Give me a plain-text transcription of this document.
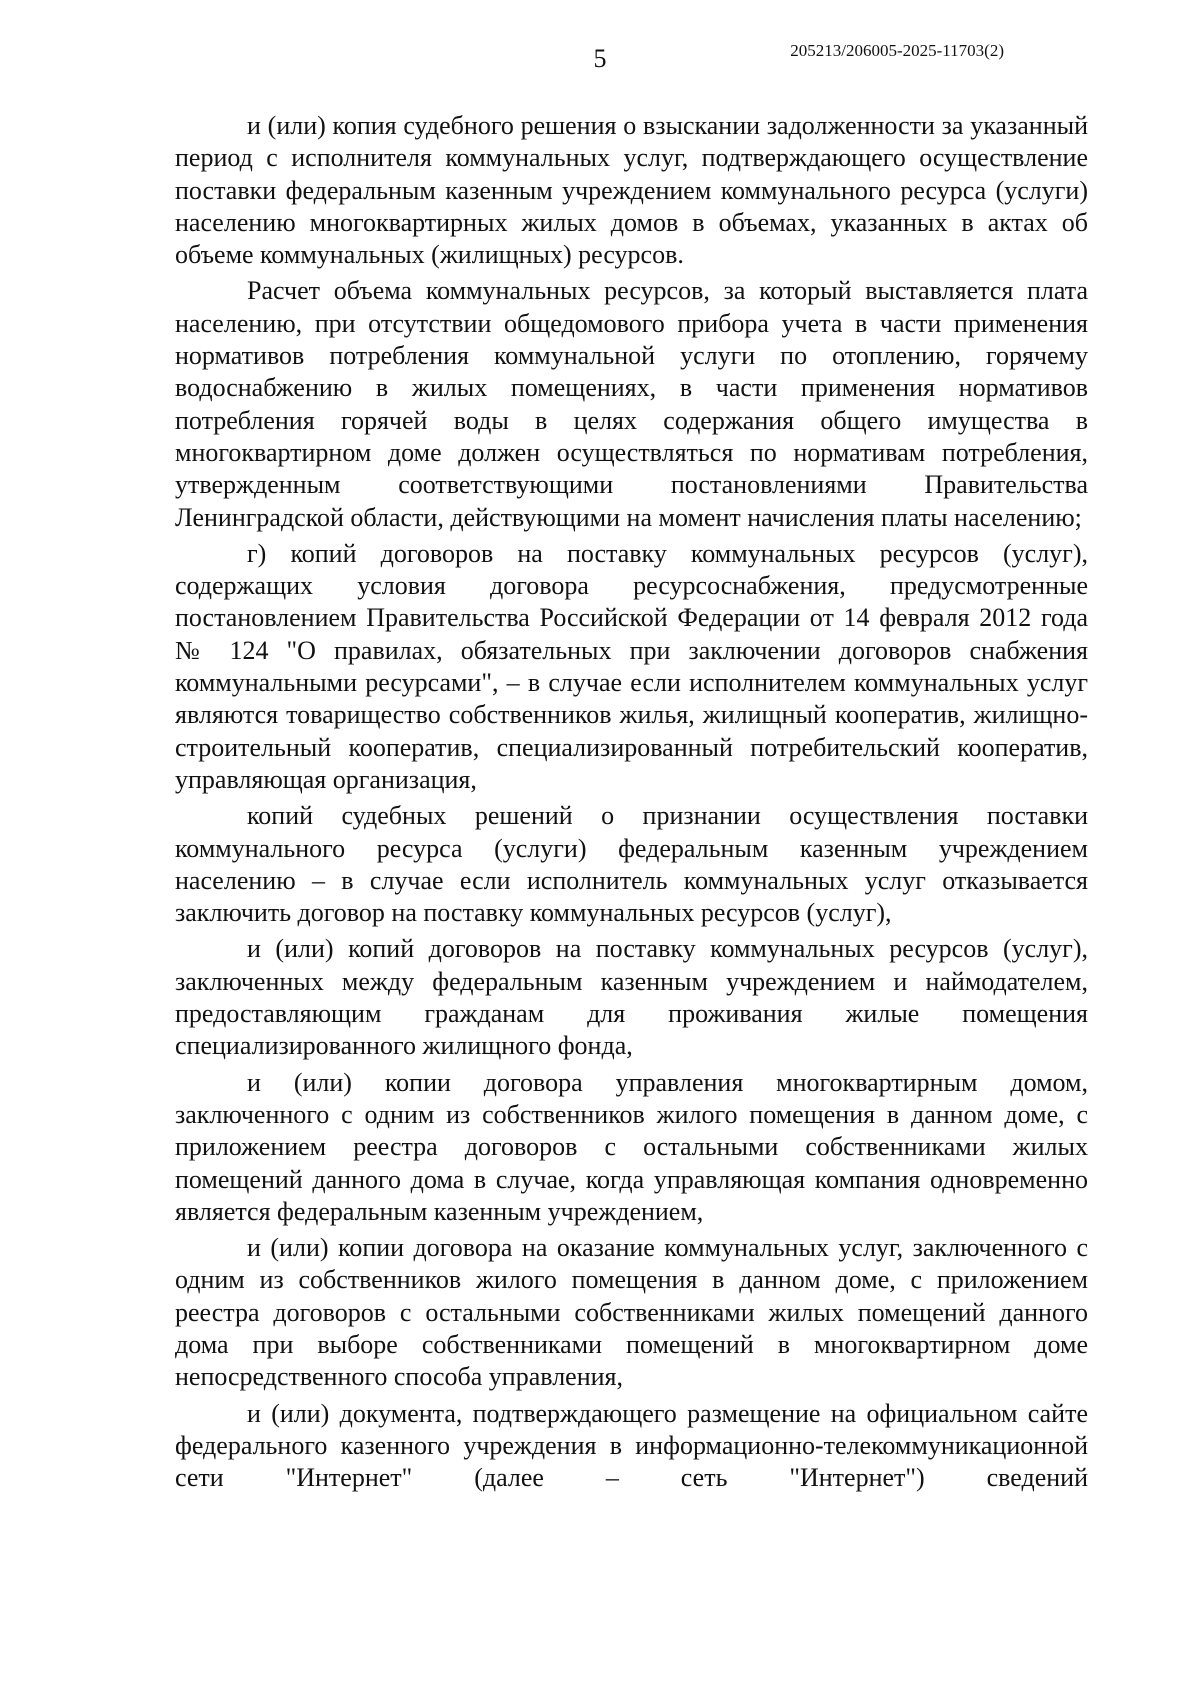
5	205213/206005-2025-11703(2)

и (или) копия судебного решения о взыскании задолженности за указанный период с исполнителя коммунальных услуг, подтверждающего осуществление поставки федеральным казенным учреждением коммунального ресурса (услуги) населению многоквартирных жилых домов в объемах, указанных в актах об объеме коммунальных (жилищных) ресурсов.

Расчет объема коммунальных ресурсов, за который выставляется плата населению, при отсутствии общедомового прибора учета в части применения нормативов потребления коммунальной услуги по отоплению, горячему водоснабжению в жилых помещениях, в части применения нормативов потребления горячей воды в целях содержания общего имущества в многоквартирном доме должен осуществляться по нормативам потребления, утвержденным соответствующими постановлениями Правительства Ленинградской области, действующими на момент начисления платы населению;

г) копий договоров на поставку коммунальных ресурсов (услуг), содержащих условия договора ресурсоснабжения, предусмотренные постановлением Правительства Российской Федерации от 14 февраля 2012 года № 124 "О правилах, обязательных при заключении договоров снабжения коммунальными ресурсами", – в случае если исполнителем коммунальных услуг являются товарищество собственников жилья, жилищный кооператив, жилищно-строительный кооператив, специализированный потребительский кооператив, управляющая организация,

копий судебных решений о признании осуществления поставки коммунального ресурса (услуги) федеральным казенным учреждением населению – в случае если исполнитель коммунальных услуг отказывается заключить договор на поставку коммунальных ресурсов (услуг),

и (или) копий договоров на поставку коммунальных ресурсов (услуг), заключенных между федеральным казенным учреждением и наймодателем, предоставляющим гражданам для проживания жилые помещения специализированного жилищного фонда,

и (или) копии договора управления многоквартирным домом, заключенного с одним из собственников жилого помещения в данном доме, с приложением реестра договоров с остальными собственниками жилых помещений данного дома в случае, когда управляющая компания одновременно является федеральным казенным учреждением,

и (или) копии договора на оказание коммунальных услуг, заключенного с одним из собственников жилого помещения в данном доме, с приложением реестра договоров с остальными собственниками жилых помещений данного дома при выборе собственниками помещений в многоквартирном доме непосредственного способа управления,

и (или) документа, подтверждающего размещение на официальном сайте федерального казенного учреждения в информационно-телекоммуникационной сети "Интернет" (далее – сеть "Интернет") сведений
